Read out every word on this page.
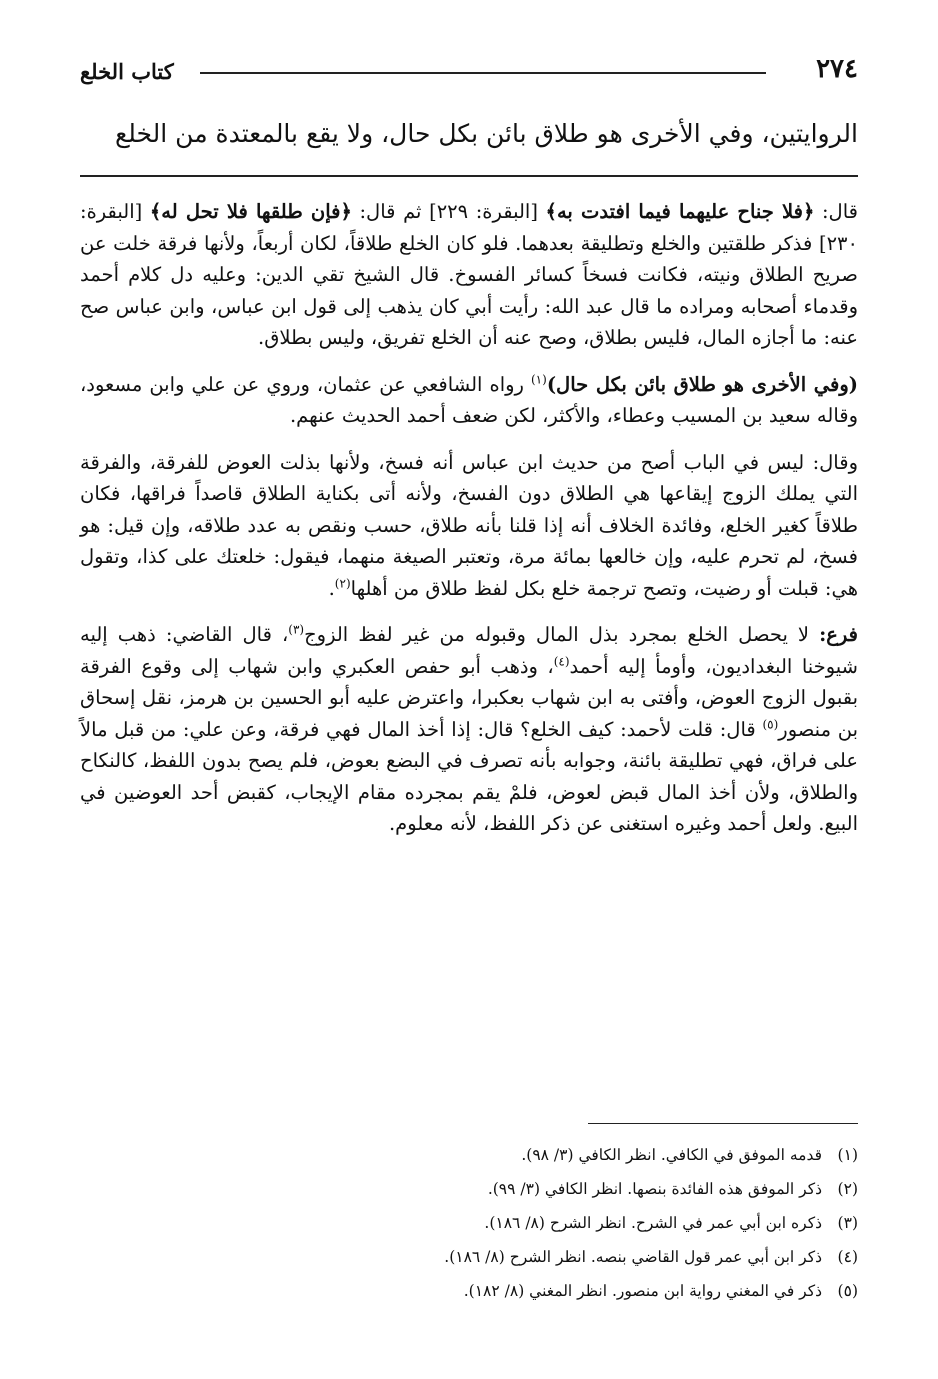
٢٧٤
كتاب الخلع
الروايتين، وفي الأخرى هو طلاق بائن بكل حال، ولا يقع بالمعتدة من الخلع

قال: ﴿فلا جناح عليهما فيما افتدت به﴾ [البقرة: ٢٢٩] ثم قال: ﴿فإن طلقها فلا تحل له﴾ [البقرة: ٢٣٠] فذكر طلقتين والخلع وتطليقة بعدهما. فلو كان الخلع طلاقاً، لكان أربعاً، ولأنها فرقة خلت عن صريح الطلاق ونيته، فكانت فسخاً كسائر الفسوخ. قال الشيخ تقي الدين: وعليه دل كلام أحمد وقدماء أصحابه ومراده ما قال عبد الله: رأيت أبي كان يذهب إلى قول ابن عباس، وابن عباس صح عنه: ما أجازه المال، فليس بطلاق، وصح عنه أن الخلع تفريق، وليس بطلاق.

(وفي الأخرى هو طلاق بائن بكل حال)$^{(١)}$ رواه الشافعي عن عثمان، وروي عن علي وابن مسعود، وقاله سعيد بن المسيب وعطاء، والأكثر، لكن ضعف أحمد الحديث عنهم.

وقال: ليس في الباب أصح من حديث ابن عباس أنه فسخ، ولأنها بذلت العوض للفرقة، والفرقة التي يملك الزوج إيقاعها هي الطلاق دون الفسخ، ولأنه أتى بكناية الطلاق قاصداً فراقها، فكان طلاقاً كغير الخلع، وفائدة الخلاف أنه إذا قلنا بأنه طلاق، حسب ونقص به عدد طلاقه، وإن قيل: هو فسخ، لم تحرم عليه، وإن خالعها بمائة مرة، وتعتبر الصيغة منهما، فيقول: خلعتك على كذا، وتقول هي: قبلت أو رضيت، وتصح ترجمة خلع بكل لفظ طلاق من أهلها$^{(٢)}$.

فرع: لا يحصل الخلع بمجرد بذل المال وقبوله من غير لفظ الزوج$^{(٣)}$، قال القاضي: ذهب إليه شيوخنا البغداديون، وأومأ إليه أحمد$^{(٤)}$، وذهب أبو حفص العكبري وابن شهاب إلى وقوع الفرقة بقبول الزوج العوض، وأفتى به ابن شهاب بعكبرا، واعترض عليه أبو الحسين بن هرمز، نقل إسحاق بن منصور$^{(٥)}$ قال: قلت لأحمد: كيف الخلع؟ قال: إذا أخذ المال فهي فرقة، وعن علي: من قبل مالاً على فراق، فهي تطليقة بائنة، وجوابه بأنه تصرف في البضع بعوض، فلم يصح بدون اللفظ، كالنكاح والطلاق، ولأن أخذ المال قبض لعوض، فلمْ يقم بمجرده مقام الإيجاب، كقبض أحد العوضين في البيع. ولعل أحمد وغيره استغنى عن ذكر اللفظ، لأنه معلوم.

(١)
قدمه الموفق في الكافي. انظر الكافي (٣/ ٩٨).
(٢)
ذكر الموفق هذه الفائدة بنصها. انظر الكافي (٣/ ٩٩).
(٣)
ذكره ابن أبي عمر في الشرح. انظر الشرح (٨/ ١٨٦).
(٤)
ذكر ابن أبي عمر قول القاضي بنصه. انظر الشرح (٨/ ١٨٦).
(٥)
ذكر في المغني رواية ابن منصور. انظر المغني (٨/ ١٨٢).
